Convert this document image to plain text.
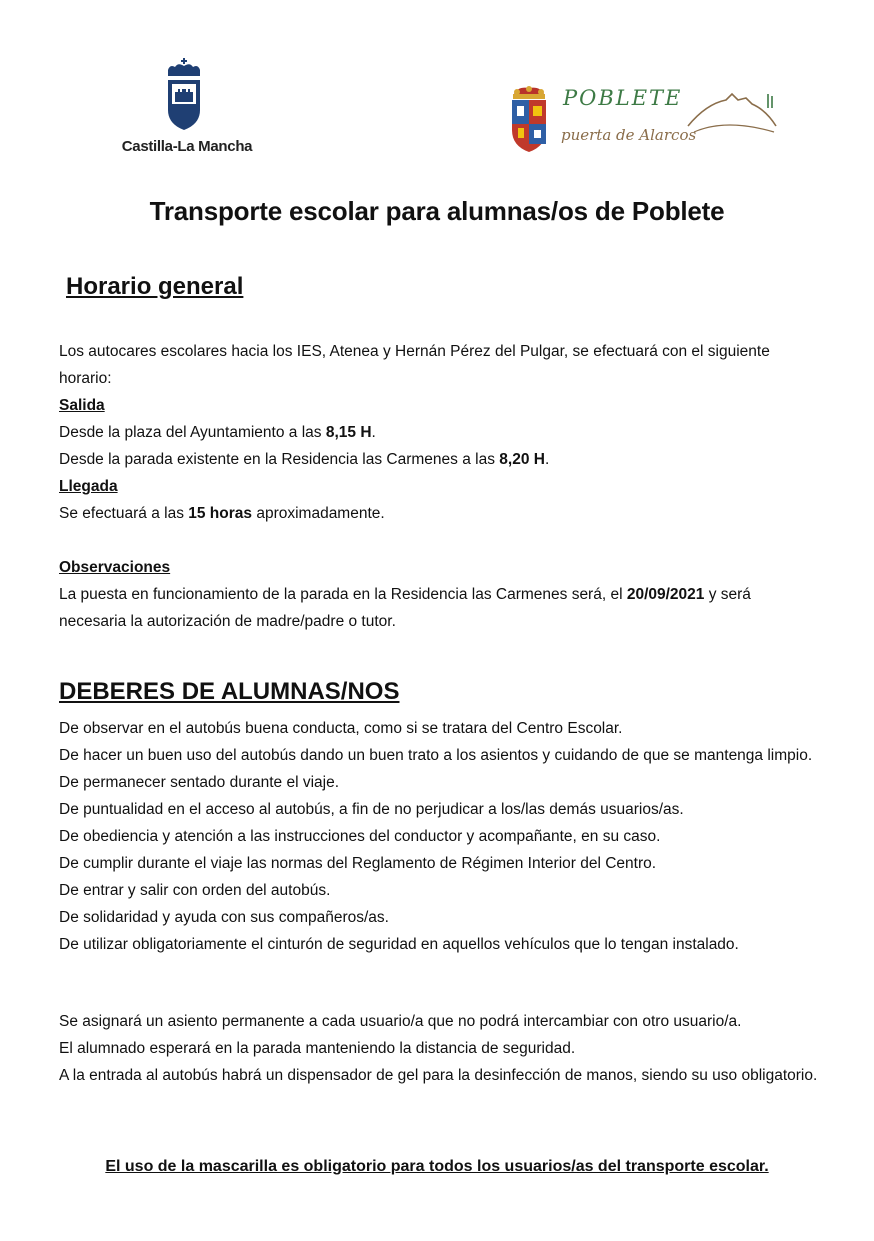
Castilla-La Mancha
POBLETE
puerta de Alarcos
Transporte escolar para alumnas/os de Poblete
Horario general

Los autocares escolares hacia los IES, Atenea y Hernán Pérez del Pulgar, se efectuará con el siguiente horario:

Salida

Desde la plaza del Ayuntamiento a las 8,15 H.

Desde la parada existente en la Residencia las Carmenes a las 8,20 H.

Llegada

Se efectuará a las 15 horas aproximadamente.

Observaciones

La puesta en funcionamiento de la parada en la Residencia las Carmenes será, el 20/09/2021 y será necesaria la autorización de madre/padre o tutor.

DEBERES DE ALUMNAS/NOS

De observar en el autobús buena conducta, como si se tratara del Centro Escolar.

De hacer un buen uso del autobús dando un buen trato a los asientos y cuidando de que se mantenga limpio.

De permanecer sentado durante el viaje.

De puntualidad en el acceso al autobús, a fin de no perjudicar a los/las demás usuarios/as.

De obediencia y atención a las instrucciones del conductor y acompañante, en su caso.

De cumplir durante el viaje las normas del Reglamento de Régimen Interior del Centro.

De entrar y salir con orden del autobús.

De solidaridad y ayuda con sus compañeros/as.

De utilizar obligatoriamente el cinturón de seguridad en aquellos vehículos que lo tengan instalado.

Se asignará un asiento permanente a cada usuario/a que no podrá intercambiar con otro usuario/a.

El alumnado esperará en la parada manteniendo la distancia de seguridad.

A la entrada al autobús habrá un dispensador de gel para la desinfección de manos, siendo su uso obligatorio.

El uso de la mascarilla es obligatorio para todos los usuarios/as del transporte escolar.
